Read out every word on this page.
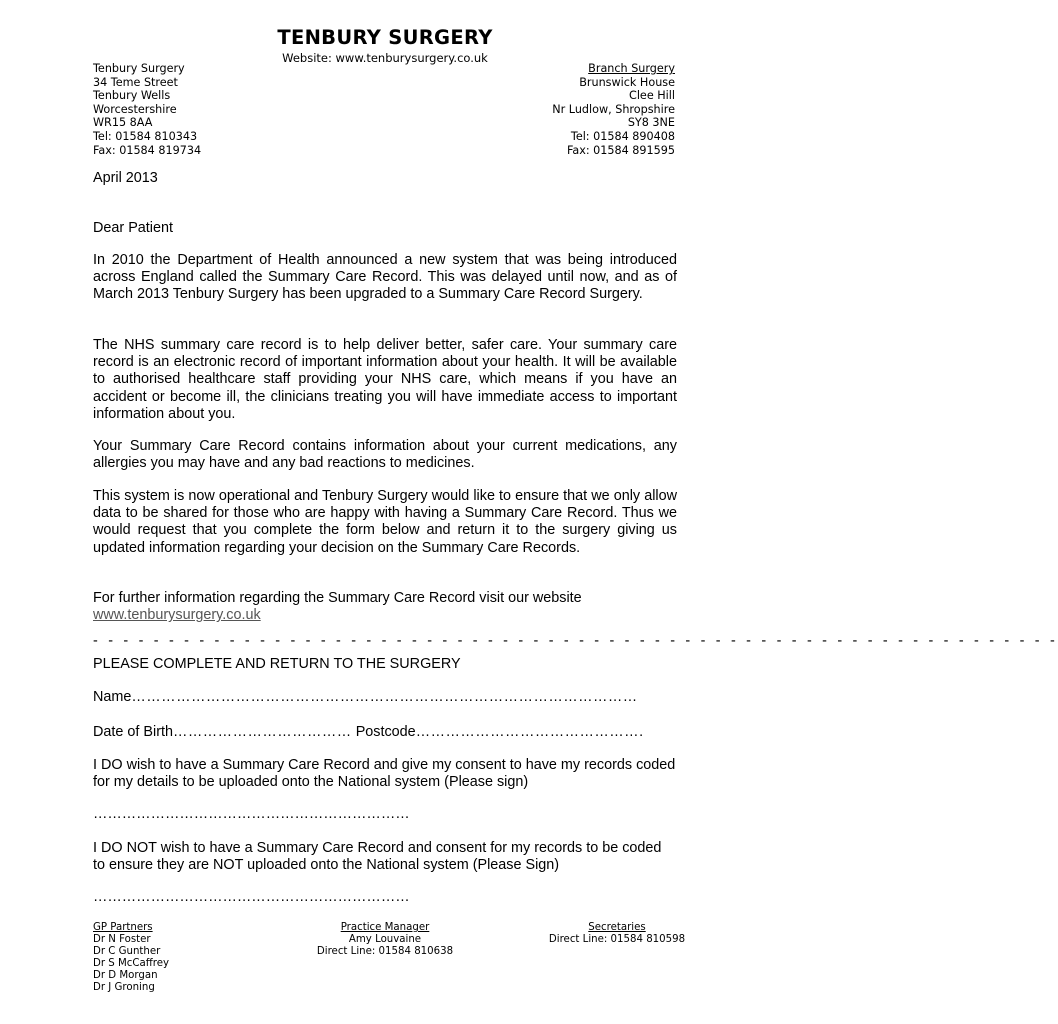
TENBURY SURGERY
Website: www.tenburysurgery.co.uk
Tenbury Surgery
34 Teme Street
Tenbury Wells
Worcestershire
WR15 8AA
Tel: 01584 810343
Fax: 01584 819734
Branch Surgery
Brunswick House
Clee Hill
Nr Ludlow, Shropshire
SY8 3NE
Tel: 01584 890408
Fax: 01584 891595
April 2013
Dear Patient
In 2010 the Department of Health announced a new system that was being introduced across England called the Summary Care Record. This was delayed until now, and as of March 2013 Tenbury Surgery has been upgraded to a Summary Care Record Surgery.
The NHS summary care record is to help deliver better, safer care. Your summary care record is an electronic record of important information about your health. It will be available to authorised healthcare staff providing your NHS care, which means if you have an accident or become ill, the clinicians treating you will have immediate access to important information about you.
Your Summary Care Record contains information about your current medications, any allergies you may have and any bad reactions to medicines.
This system is now operational and Tenbury Surgery would like to ensure that we only allow data to be shared for those who are happy with having a Summary Care Record. Thus we would request that you complete the form below and return it to the surgery giving us updated information regarding your decision on the Summary Care Records.
For further information regarding the Summary Care Record visit our website
www.tenburysurgery.co.uk
- - - - - - - - - - - - - - - - - - - - - - - - - - - - - - - - - - - - - - - - - - - - - - - - - - - - - - - - - - - - - - - -
PLEASE COMPLETE AND RETURN TO THE SURGERY
Name…………………………………………………………………………………………
Date of Birth……………………………… Postcode……………………………………….
I DO wish to have a Summary Care Record and give my consent to have my records coded for my details to be uploaded onto the National system (Please sign)
…………………………………………………………
I DO NOT wish to have a Summary Care Record and consent for my records to be coded to ensure they are NOT uploaded onto the National system (Please Sign)
…………………………………………………………
GP Partners
Dr N Foster
Dr C Gunther
Dr S McCaffrey
Dr D Morgan
Dr J Groning
Practice Manager
Amy Louvaine
Direct Line: 01584 810638
Secretaries
Direct Line: 01584 810598
